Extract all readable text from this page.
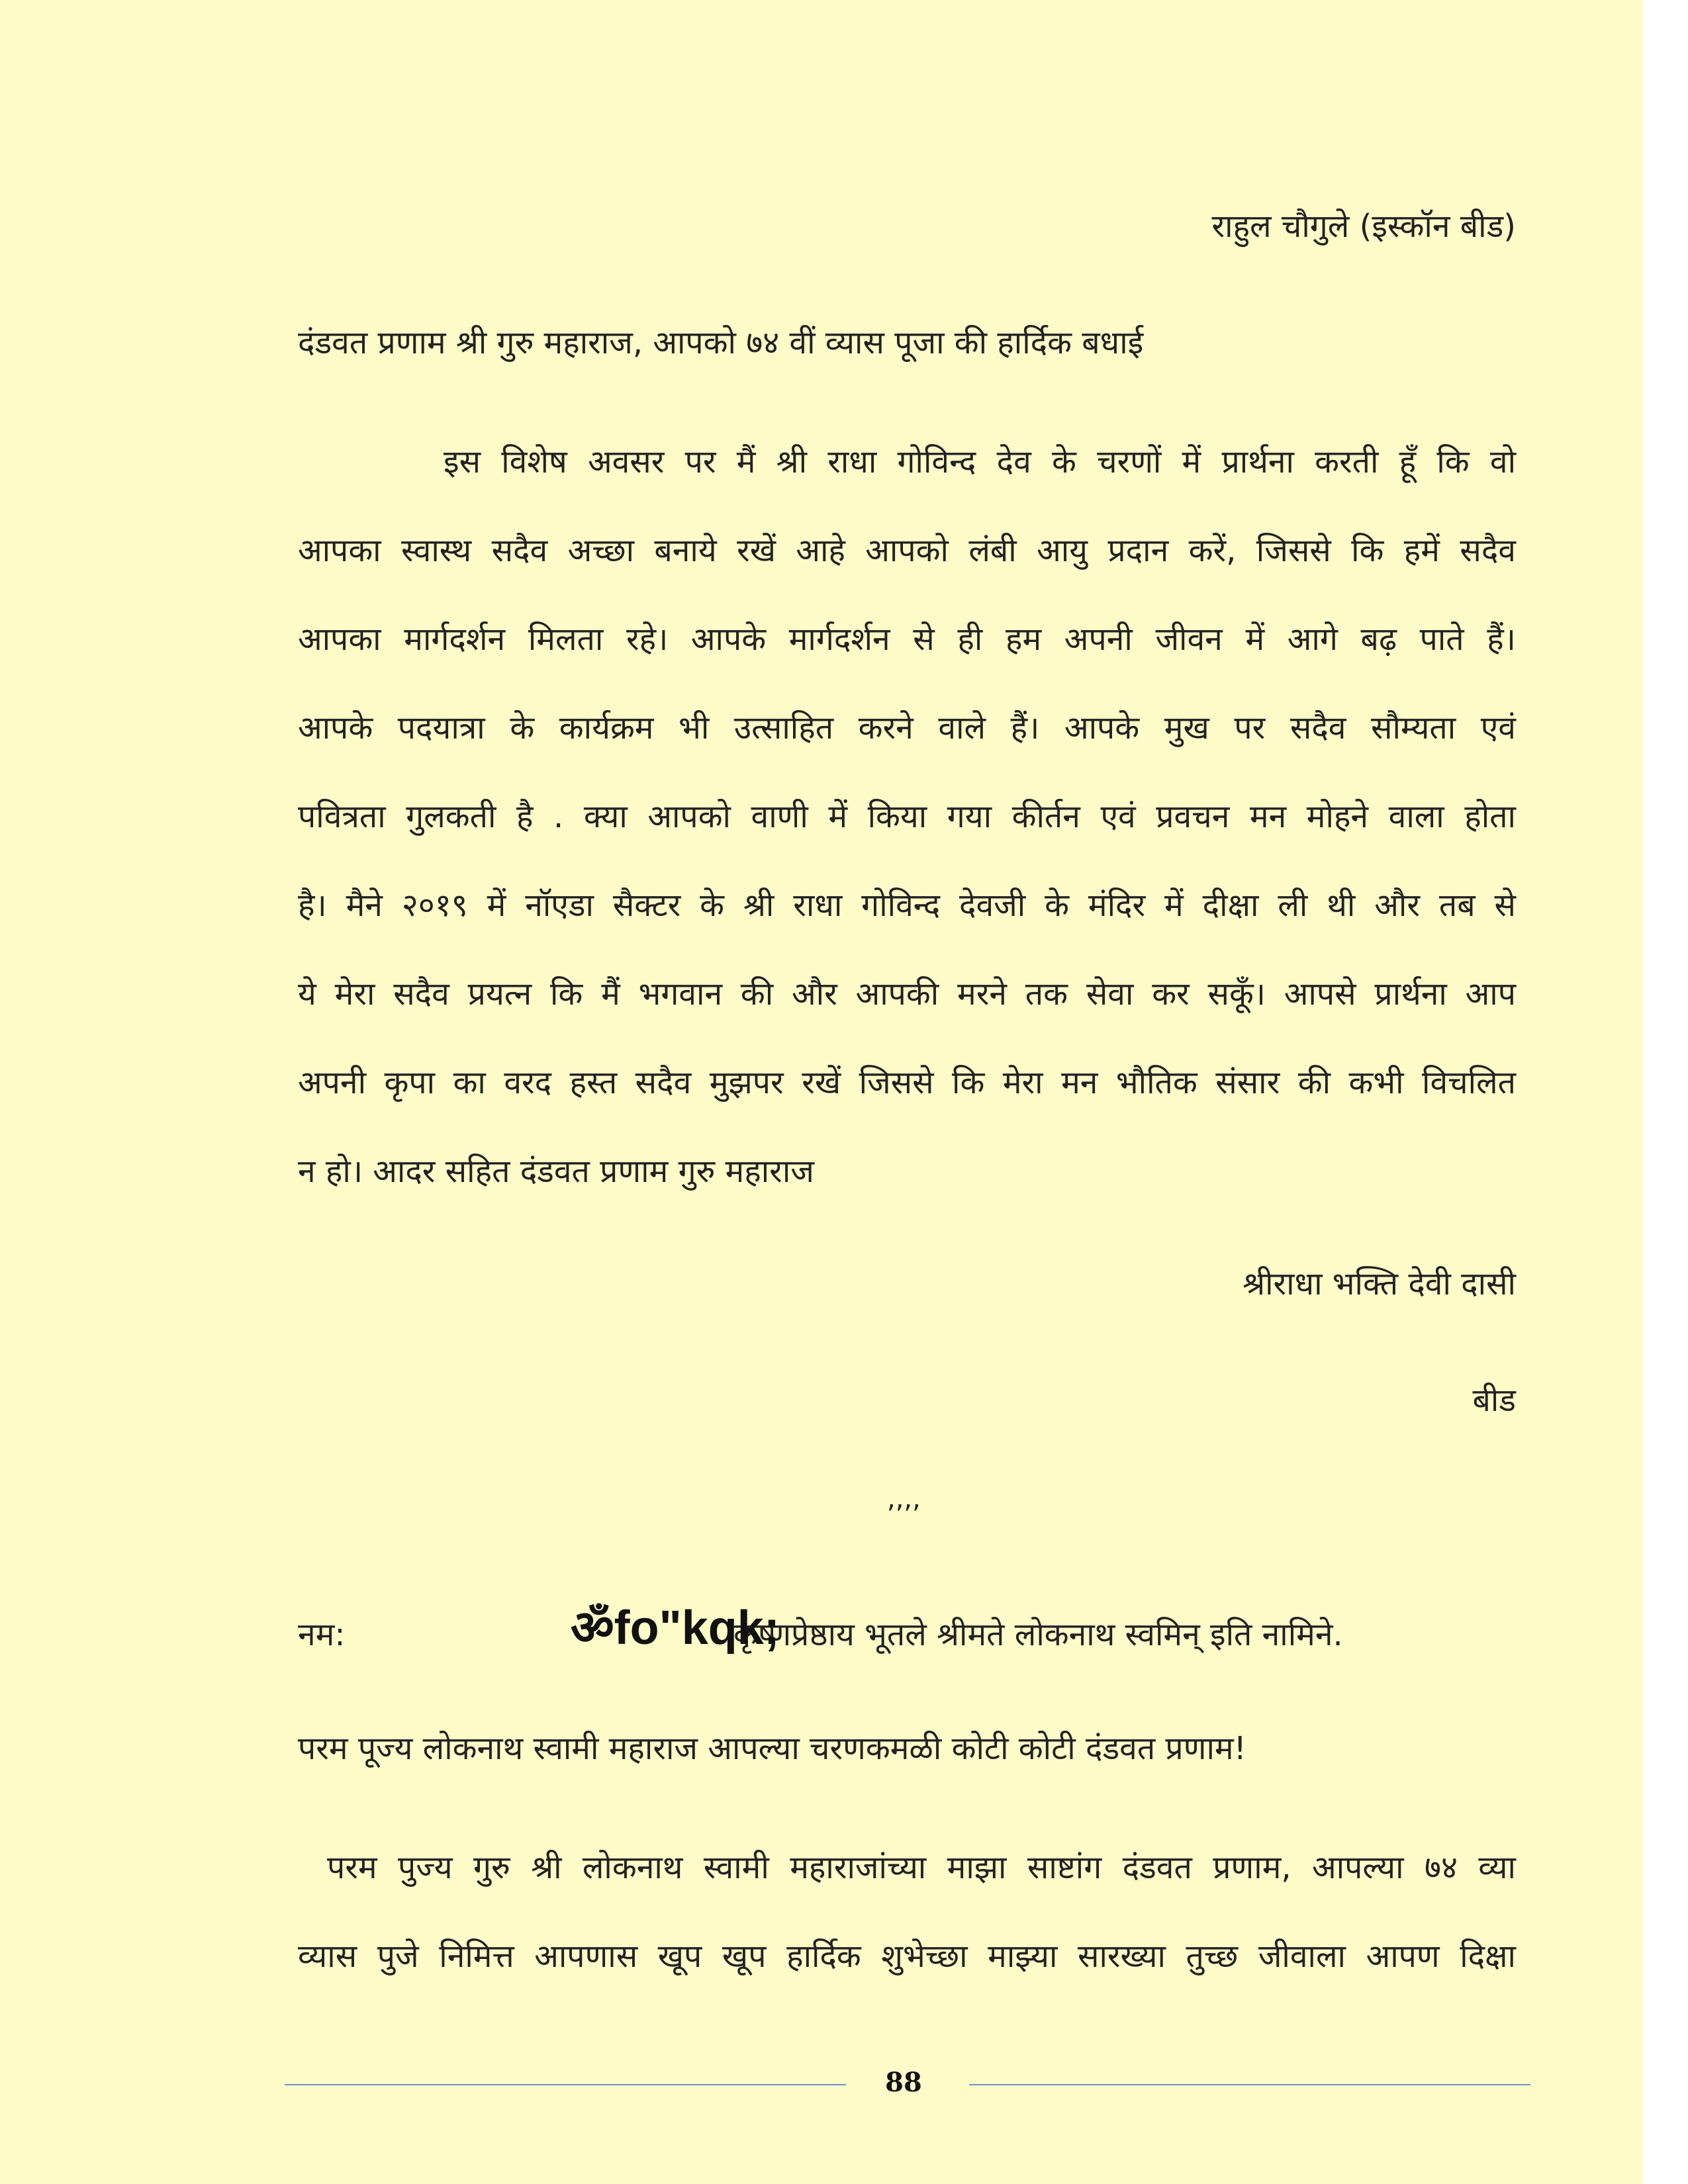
राहुल चौगुले (इस्कॉन बीड)
दंडवत प्रणाम श्री गुरु महाराज, आपको ७४ वीं व्यास पूजा की हार्दिक बधाई
इस विशेष अवसर पर मैं श्री राधा गोविन्द देव के चरणों में प्रार्थना करती हूँ कि वो
आपका स्वास्थ सदैव अच्छा बनाये रखें आहे आपको लंबी आयु प्रदान करें, जिससे कि हमें सदैव
आपका मार्गदर्शन मिलता रहे। आपके मार्गदर्शन से ही हम अपनी जीवन में आगे बढ़ पाते हैं।
आपके पदयात्रा के कार्यक्रम भी उत्साहित करने वाले हैं। आपके मुख पर सदैव सौम्यता एवं
पवित्रता गुलकती है . क्या आपको वाणी में किया गया कीर्तन एवं प्रवचन मन मोहने वाला होता
है। मैने २०१९ में नॉएडा सैक्टर के श्री राधा गोविन्द देवजी के मंदिर में दीक्षा ली थी और तब से
ये मेरा सदैव प्रयत्न कि मैं भगवान की और आपकी मरने तक सेवा कर सकूँ। आपसे प्रार्थना आप
अपनी कृपा का वरद हस्त सदैव मुझपर रखें जिससे कि मेरा मन भौतिक संसार की कभी विचलित
न हो। आदर सहित दंडवत प्रणाम गुरु महाराज
श्रीराधा भक्ति देवी दासी
बीड
,,,,
नम:	कृष्णप्रेष्ठाय भूतले श्रीमते लोकनाथ स्वमिन् इति नामिने.
ॐfo"kqk;
परम पूज्य लोकनाथ स्वामी महाराज आपल्या चरणकमळी कोटी कोटी दंडवत प्रणाम!
परम पुज्य गुरु श्री लोकनाथ स्वामी महाराजांच्या माझा साष्टांग दंडवत प्रणाम, आपल्या ७४ व्या
व्यास पुजे निमित्त आपणास खूप खूप हार्दिक शुभेच्छा माझ्या सारख्या तुच्छ जीवाला आपण दिक्षा
88
